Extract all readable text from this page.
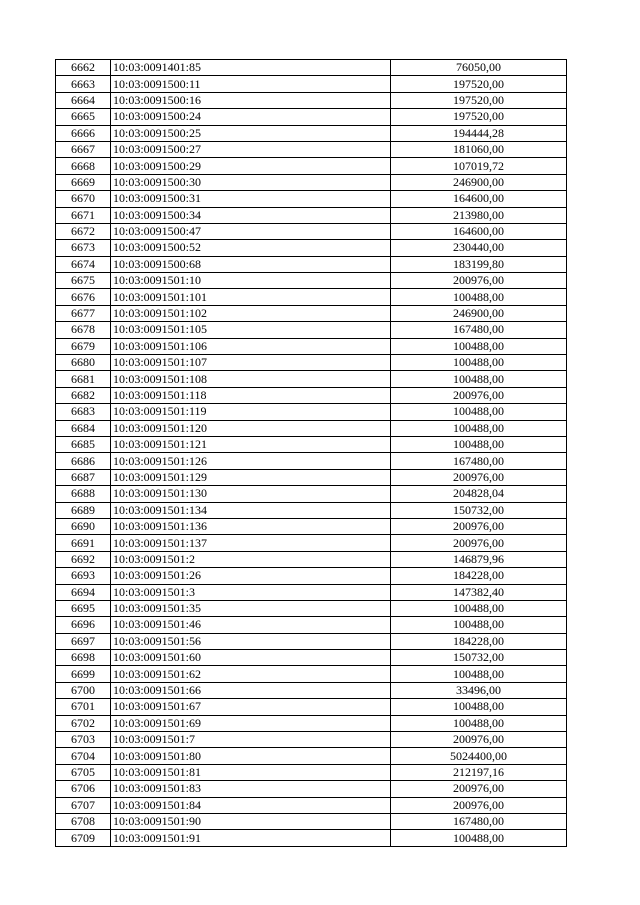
6662	10:03:0091401:85	76050,00
6663	10:03:0091500:11	197520,00
6664	10:03:0091500:16	197520,00
6665	10:03:0091500:24	197520,00
6666	10:03:0091500:25	194444,28
6667	10:03:0091500:27	181060,00
6668	10:03:0091500:29	107019,72
6669	10:03:0091500:30	246900,00
6670	10:03:0091500:31	164600,00
6671	10:03:0091500:34	213980,00
6672	10:03:0091500:47	164600,00
6673	10:03:0091500:52	230440,00
6674	10:03:0091500:68	183199,80
6675	10:03:0091501:10	200976,00
6676	10:03:0091501:101	100488,00
6677	10:03:0091501:102	246900,00
6678	10:03:0091501:105	167480,00
6679	10:03:0091501:106	100488,00
6680	10:03:0091501:107	100488,00
6681	10:03:0091501:108	100488,00
6682	10:03:0091501:118	200976,00
6683	10:03:0091501:119	100488,00
6684	10:03:0091501:120	100488,00
6685	10:03:0091501:121	100488,00
6686	10:03:0091501:126	167480,00
6687	10:03:0091501:129	200976,00
6688	10:03:0091501:130	204828,04
6689	10:03:0091501:134	150732,00
6690	10:03:0091501:136	200976,00
6691	10:03:0091501:137	200976,00
6692	10:03:0091501:2	146879,96
6693	10:03:0091501:26	184228,00
6694	10:03:0091501:3	147382,40
6695	10:03:0091501:35	100488,00
6696	10:03:0091501:46	100488,00
6697	10:03:0091501:56	184228,00
6698	10:03:0091501:60	150732,00
6699	10:03:0091501:62	100488,00
6700	10:03:0091501:66	33496,00
6701	10:03:0091501:67	100488,00
6702	10:03:0091501:69	100488,00
6703	10:03:0091501:7	200976,00
6704	10:03:0091501:80	5024400,00
6705	10:03:0091501:81	212197,16
6706	10:03:0091501:83	200976,00
6707	10:03:0091501:84	200976,00
6708	10:03:0091501:90	167480,00
6709	10:03:0091501:91	100488,00
